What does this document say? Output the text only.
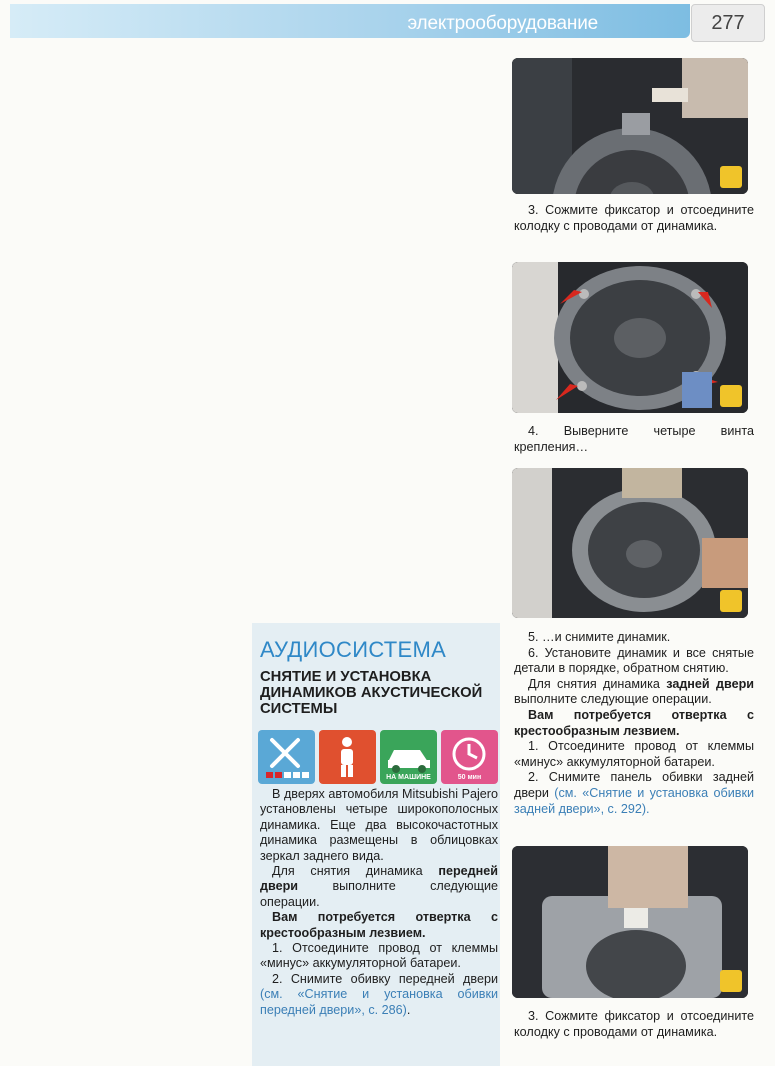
электрооборудование	277

3. Сожмите фиксатор и отсоедините колодку с проводами от динамика.

4. Выверните четыре винта крепления…

5. …и снимите динамик.

6. Установите динамик и все снятые детали в порядке, обратном снятию.

Для снятия динамика задней двери выполните следующие операции.

Вам потребуется отвертка с крестообразным лезвием.

1. Отсоедините провод от клеммы «минус» аккумуляторной батареи.

2. Снимите панель обивки задней двери (см. «Снятие и установка обивки задней двери», с. 292).

3. Сожмите фиксатор и отсоедините колодку с проводами от динамика.

АУДИОСИСТЕМА
СНЯТИЕ И УСТАНОВКА ДИНАМИКОВ АКУСТИЧЕСКОЙ СИСТЕМЫ
НА МАШИНЕ	50 мин

В дверях автомобиля Mitsubishi Pajero установлены четыре широкополосных динамика. Еще два высокочастотных динамика размещены в облицовках зеркал заднего вида.

Для снятия динамика передней двери выполните следующие операции.

Вам потребуется отвертка с крестообразным лезвием.

1. Отсоедините провод от клеммы «минус» аккумуляторной батареи.

2. Снимите обивку передней двери (см. «Снятие и установка обивки передней двери», с. 286).
